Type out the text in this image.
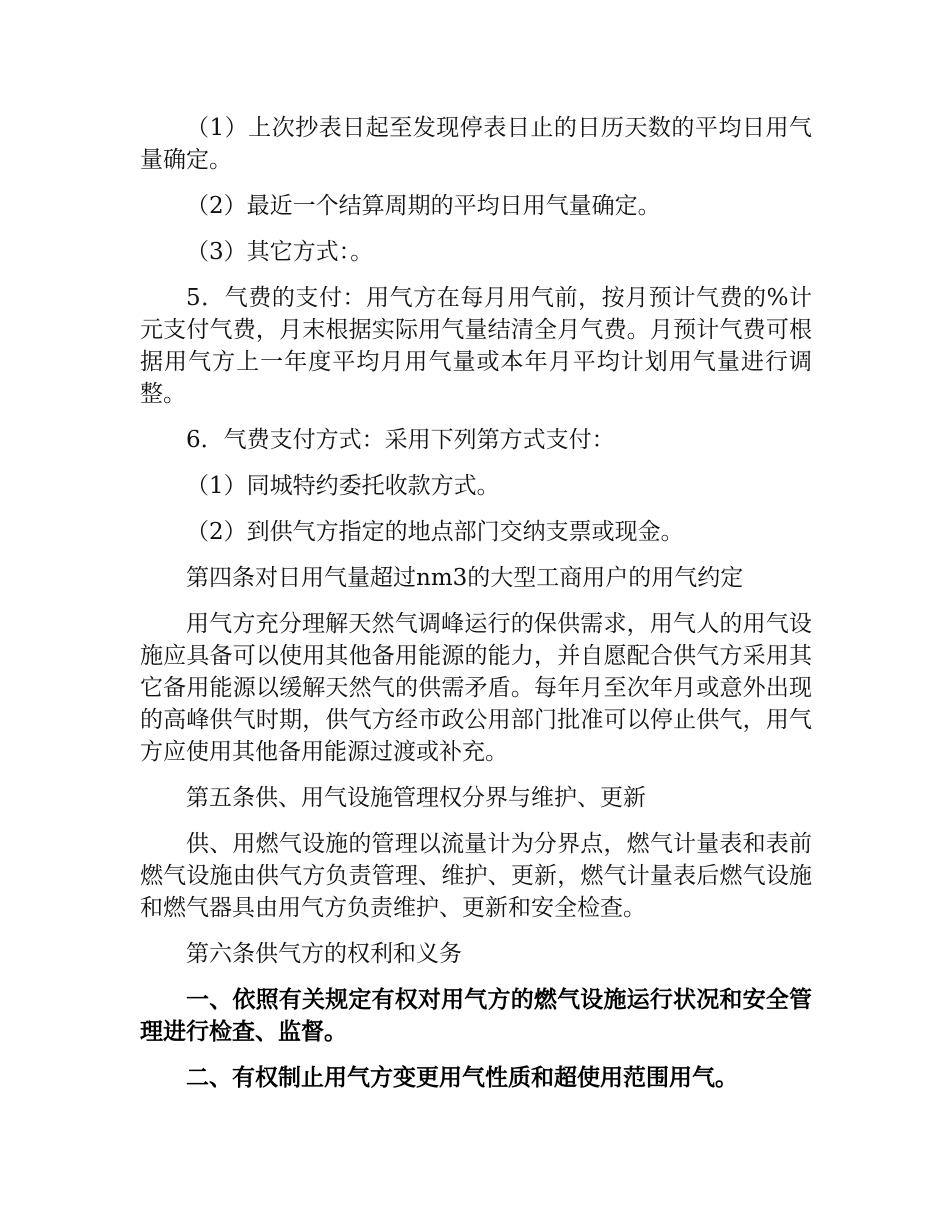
（1）上次抄表日起至发现停表日止的日历天数的平均日用气量确定。

（2）最近一个结算周期的平均日用气量确定。

（3）其它方式：。

5．气费的支付：用气方在每月用气前，按月预计气费的%计元支付气费，月末根据实际用气量结清全月气费。月预计气费可根据用气方上一年度平均月用气量或本年月平均计划用气量进行调整。

6．气费支付方式：采用下列第方式支付：

（1）同城特约委托收款方式。

（2）到供气方指定的地点部门交纳支票或现金。

第四条对日用气量超过nm3的大型工商用户的用气约定

用气方充分理解天然气调峰运行的保供需求，用气人的用气设施应具备可以使用其他备用能源的能力，并自愿配合供气方采用其它备用能源以缓解天然气的供需矛盾。每年月至次年月或意外出现的高峰供气时期，供气方经市政公用部门批准可以停止供气，用气方应使用其他备用能源过渡或补充。

第五条供、用气设施管理权分界与维护、更新

供、用燃气设施的管理以流量计为分界点，燃气计量表和表前燃气设施由供气方负责管理、维护、更新，燃气计量表后燃气设施和燃气器具由用气方负责维护、更新和安全检查。

第六条供气方的权利和义务

一、依照有关规定有权对用气方的燃气设施运行状况和安全管理进行检查、监督。

二、有权制止用气方变更用气性质和超使用范围用气。
